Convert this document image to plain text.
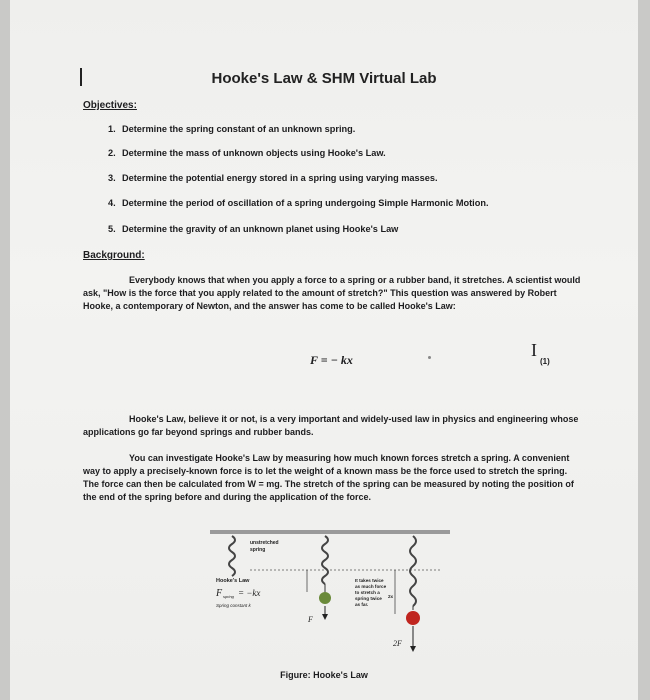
Hooke's Law & SHM Virtual Lab
Objectives:
1. Determine the spring constant of an unknown spring.
2. Determine the mass of unknown objects using Hooke's Law.
3. Determine the potential energy stored in a spring using varying masses.
4. Determine the period of oscillation of a spring undergoing Simple Harmonic Motion.
5. Determine the gravity of an unknown planet using Hooke's Law
Background:
Everybody knows that when you apply a force to a spring or a rubber band, it stretches. A scientist would ask, "How is the force that you apply related to the amount of stretch?" This question was answered by Robert Hooke, a contemporary of Newton, and the answer has come to be called Hooke's Law:
I
F = − kx	(1)
Hooke's Law, believe it or not, is a very important and widely-used law in physics and engineering whose applications go far beyond springs and rubber bands.
You can investigate Hooke's Law by measuring how much known forces stretch a spring. A convenient way to apply a precisely-known force is to let the weight of a known mass be the force used to stretch the spring. The force can then be calculated from W = mg. The stretch of the spring can be measured by noting the position of the end of the spring before and during the application of the force.
unstretched
spring
Hooke's Law
F spring = −kx
Spring constant k
F
It takes twice
as much force
to stretch a
spring twice
as far.
2x
2F
Figure: Hooke's Law
